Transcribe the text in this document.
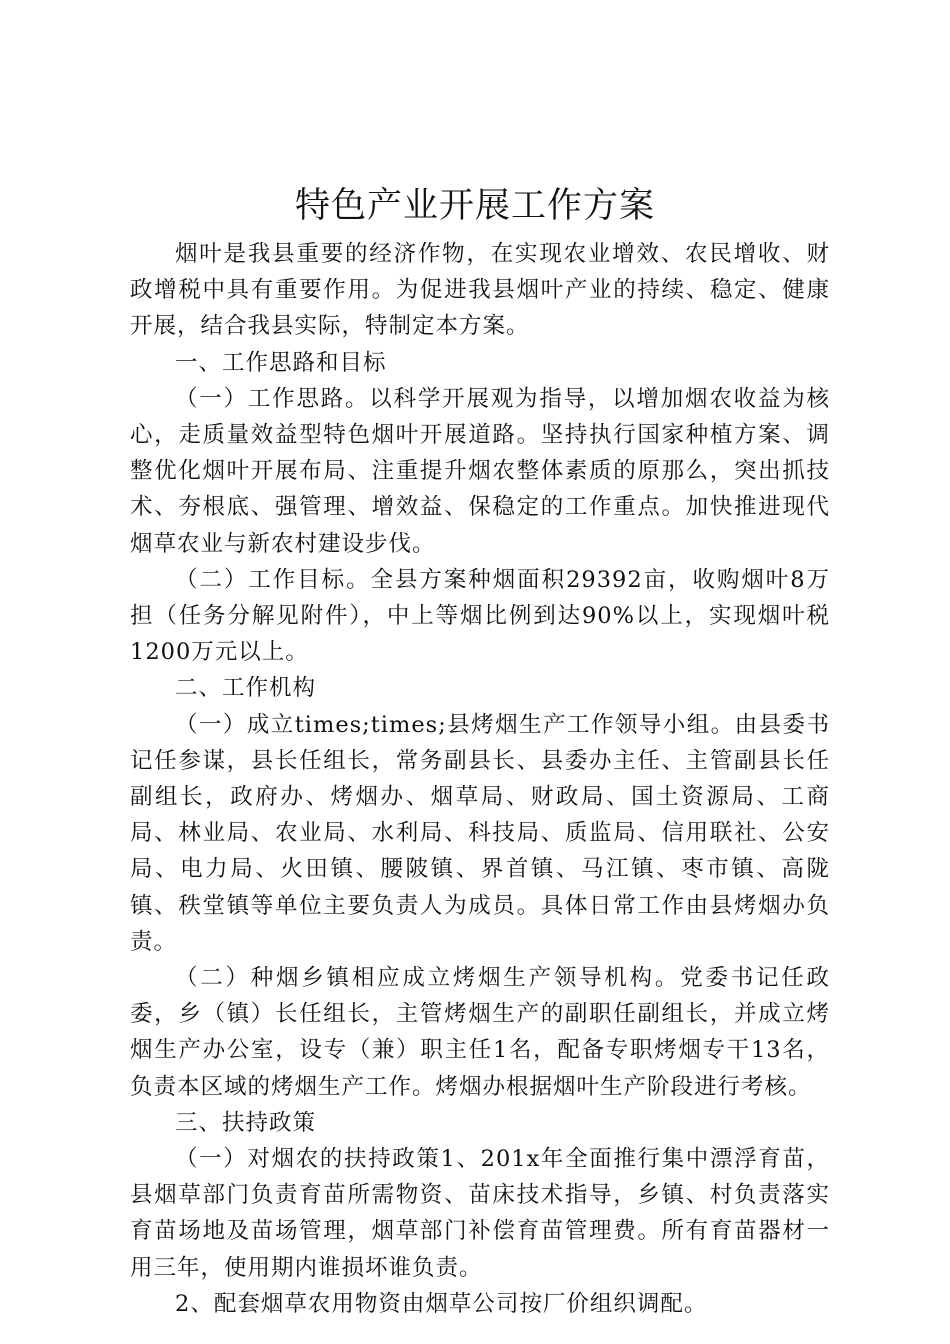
特色产业开展工作方案

烟叶是我县重要的经济作物，在实现农业增效、农民增收、财政增税中具有重要作用。为促进我县烟叶产业的持续、稳定、健康开展，结合我县实际，特制定本方案。

一、工作思路和目标

（一）工作思路。以科学开展观为指导，以增加烟农收益为核心，走质量效益型特色烟叶开展道路。坚持执行国家种植方案、调整优化烟叶开展布局、注重提升烟农整体素质的原那么，突出抓技术、夯根底、强管理、增效益、保稳定的工作重点。加快推进现代烟草农业与新农村建设步伐。

（二）工作目标。全县方案种烟面积29392亩，收购烟叶8万担（任务分解见附件），中上等烟比例到达90%以上，实现烟叶税1200万元以上。

二、工作机构

（一）成立times;times;县烤烟生产工作领导小组。由县委书记任参谋，县长任组长，常务副县长、县委办主任、主管副县长任副组长，政府办、烤烟办、烟草局、财政局、国土资源局、工商局、林业局、农业局、水利局、科技局、质监局、信用联社、公安局、电力局、火田镇、腰陂镇、界首镇、马江镇、枣市镇、高陇镇、秩堂镇等单位主要负责人为成员。具体日常工作由县烤烟办负责。

（二）种烟乡镇相应成立烤烟生产领导机构。党委书记任政委，乡（镇）长任组长，主管烤烟生产的副职任副组长，并成立烤烟生产办公室，设专（兼）职主任1名，配备专职烤烟专干13名，负责本区域的烤烟生产工作。烤烟办根据烟叶生产阶段进行考核。

三、扶持政策

（一）对烟农的扶持政策1、201x年全面推行集中漂浮育苗，县烟草部门负责育苗所需物资、苗床技术指导，乡镇、村负责落实育苗场地及苗场管理，烟草部门补偿育苗管理费。所有育苗器材一用三年，使用期内谁损坏谁负责。

2、配套烟草农用物资由烟草公司按厂价组织调配。
